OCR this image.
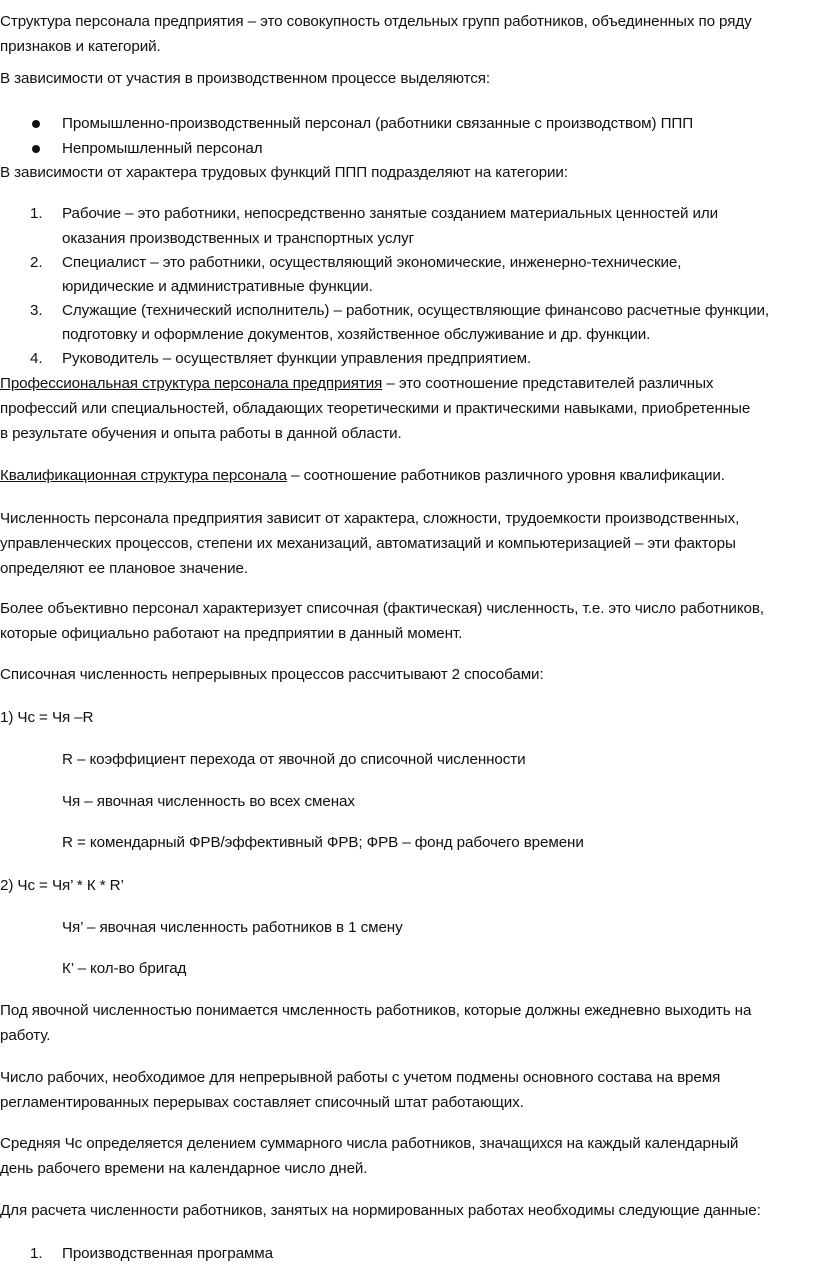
Структура персонала предприятия – это совокупность отдельных групп работников, объединенных по ряду
признаков и категорий.
В зависимости от участия в производственном процессе выделяются:
Промышленно-производственный персонал (работники связанные с производством) ППП
Непромышленный персонал
В зависимости от характера трудовых функций ППП подразделяют на категории:
1. Рабочие – это работники, непосредственно занятые созданием материальных ценностей или
оказания производственных и транспортных услуг
2. Специалист – это работники, осуществляющий экономические, инженерно-технические,
юридические и административные функции.
3. Служащие (технический исполнитель) – работник, осуществляющие финансово расчетные функции,
подготовку и оформление документов, хозяйственное обслуживание и др. функции.
4. Руководитель – осуществляет функции управления предприятием.
Профессиональная структура персонала предприятия – это соотношение представителей различных
профессий или специальностей, обладающих теоретическими и практическими навыками, приобретенные
в результате обучения и опыта работы в данной области.
Квалификационная структура персонала – соотношение работников различного уровня квалификации.
Численность персонала предприятия зависит от характера, сложности, трудоемкости производственных,
управленческих процессов, степени их механизаций, автоматизаций и компьютеризацией – эти факторы
определяют ее плановое значение.
Более объективно персонал характеризует списочная (фактическая) численность, т.е. это число работников,
которые официально работают на предприятии в данный момент.
Списочная численность непрерывных процессов рассчитывают 2 способами:
1) Чс = Чя –R
R – коэффициент перехода от явочной до списочной численности
Чя – явочная численность во всех сменах
R = комендарный ФРВ/эффективный ФРВ; ФРВ – фонд рабочего времени
2) Чс = Чя’ * К * R’
Чя’ – явочная численность работников в 1 смену
К’ – кол-во бригад
Под явочной численностью понимается чмсленность работников, которые должны ежедневно выходить на
работу.
Число рабочих, необходимое для непрерывной работы с учетом подмены основного состава на время
регламентированных перерывах составляет списочный штат работающих.
Средняя Чс определяется делением суммарного числа работников, значащихся на каждый календарный
день рабочего времени на календарное число дней.
Для расчета численности работников, занятых на нормированных работах необходимы следующие данные:
1. Производственная программа
